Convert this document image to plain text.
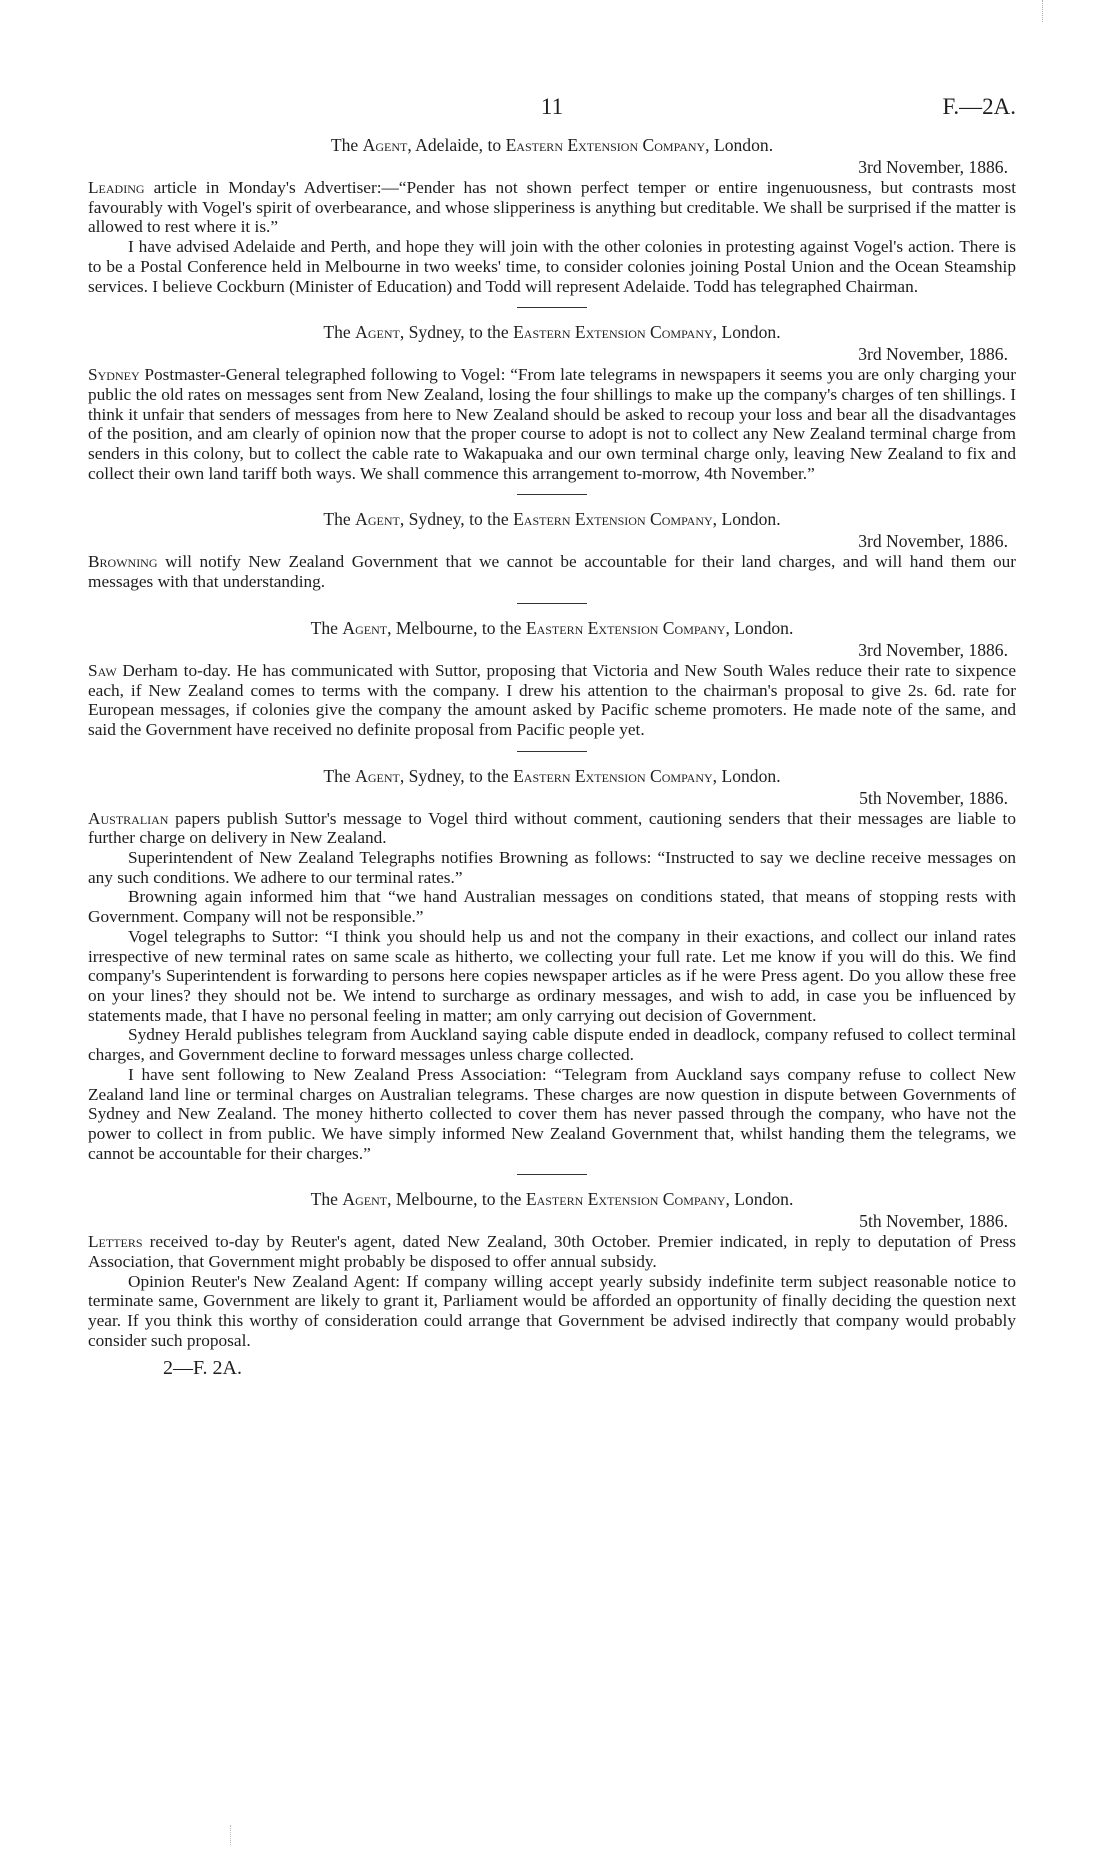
11	F.—2A.
The Agent, Adelaide, to Eastern Extension Company, London.
3rd November, 1886.

Leading article in Monday's Advertiser:—“Pender has not shown perfect temper or entire ingenuousness, but contrasts most favourably with Vogel's spirit of overbearance, and whose slipperiness is anything but creditable. We shall be surprised if the matter is allowed to rest where it is.”

I have advised Adelaide and Perth, and hope they will join with the other colonies in protesting against Vogel's action. There is to be a Postal Conference held in Melbourne in two weeks' time, to consider colonies joining Postal Union and the Ocean Steamship services. I believe Cockburn (Minister of Education) and Todd will represent Adelaide. Todd has telegraphed Chairman.

The Agent, Sydney, to the Eastern Extension Company, London.
3rd November, 1886.

Sydney Postmaster-General telegraphed following to Vogel: “From late telegrams in newspapers it seems you are only charging your public the old rates on messages sent from New Zealand, losing the four shillings to make up the company's charges of ten shillings. I think it unfair that senders of messages from here to New Zealand should be asked to recoup your loss and bear all the disadvantages of the position, and am clearly of opinion now that the proper course to adopt is not to collect any New Zealand terminal charge from senders in this colony, but to collect the cable rate to Wakapuaka and our own terminal charge only, leaving New Zealand to fix and collect their own land tariff both ways. We shall commence this arrangement to-morrow, 4th November.”

The Agent, Sydney, to the Eastern Extension Company, London.
3rd November, 1886.

Browning will notify New Zealand Government that we cannot be accountable for their land charges, and will hand them our messages with that understanding.

The Agent, Melbourne, to the Eastern Extension Company, London.
3rd November, 1886.

Saw Derham to-day. He has communicated with Suttor, proposing that Victoria and New South Wales reduce their rate to sixpence each, if New Zealand comes to terms with the company. I drew his attention to the chairman's proposal to give 2s. 6d. rate for European messages, if colonies give the company the amount asked by Pacific scheme promoters. He made note of the same, and said the Government have received no definite proposal from Pacific people yet.

The Agent, Sydney, to the Eastern Extension Company, London.
5th November, 1886.

Australian papers publish Suttor's message to Vogel third without comment, cautioning senders that their messages are liable to further charge on delivery in New Zealand.

Superintendent of New Zealand Telegraphs notifies Browning as follows: “Instructed to say we decline receive messages on any such conditions. We adhere to our terminal rates.”

Browning again informed him that “we hand Australian messages on conditions stated, that means of stopping rests with Government. Company will not be responsible.”

Vogel telegraphs to Suttor: “I think you should help us and not the company in their exactions, and collect our inland rates irrespective of new terminal rates on same scale as hitherto, we collecting your full rate. Let me know if you will do this. We find company's Superintendent is forwarding to persons here copies newspaper articles as if he were Press agent. Do you allow these free on your lines? they should not be. We intend to surcharge as ordinary messages, and wish to add, in case you be influenced by statements made, that I have no personal feeling in matter; am only carrying out decision of Government.

Sydney Herald publishes telegram from Auckland saying cable dispute ended in deadlock, company refused to collect terminal charges, and Government decline to forward messages unless charge collected.

I have sent following to New Zealand Press Association: “Telegram from Auckland says company refuse to collect New Zealand land line or terminal charges on Australian telegrams. These charges are now question in dispute between Governments of Sydney and New Zealand. The money hitherto collected to cover them has never passed through the company, who have not the power to collect in from public. We have simply informed New Zealand Government that, whilst handing them the telegrams, we cannot be accountable for their charges.”

The Agent, Melbourne, to the Eastern Extension Company, London.
5th November, 1886.

Letters received to-day by Reuter's agent, dated New Zealand, 30th October. Premier indicated, in reply to deputation of Press Association, that Government might probably be disposed to offer annual subsidy.

Opinion Reuter's New Zealand Agent: If company willing accept yearly subsidy indefinite term subject reasonable notice to terminate same, Government are likely to grant it, Parliament would be afforded an opportunity of finally deciding the question next year. If you think this worthy of consideration could arrange that Government be advised indirectly that company would probably consider such proposal.

2—F. 2A.
